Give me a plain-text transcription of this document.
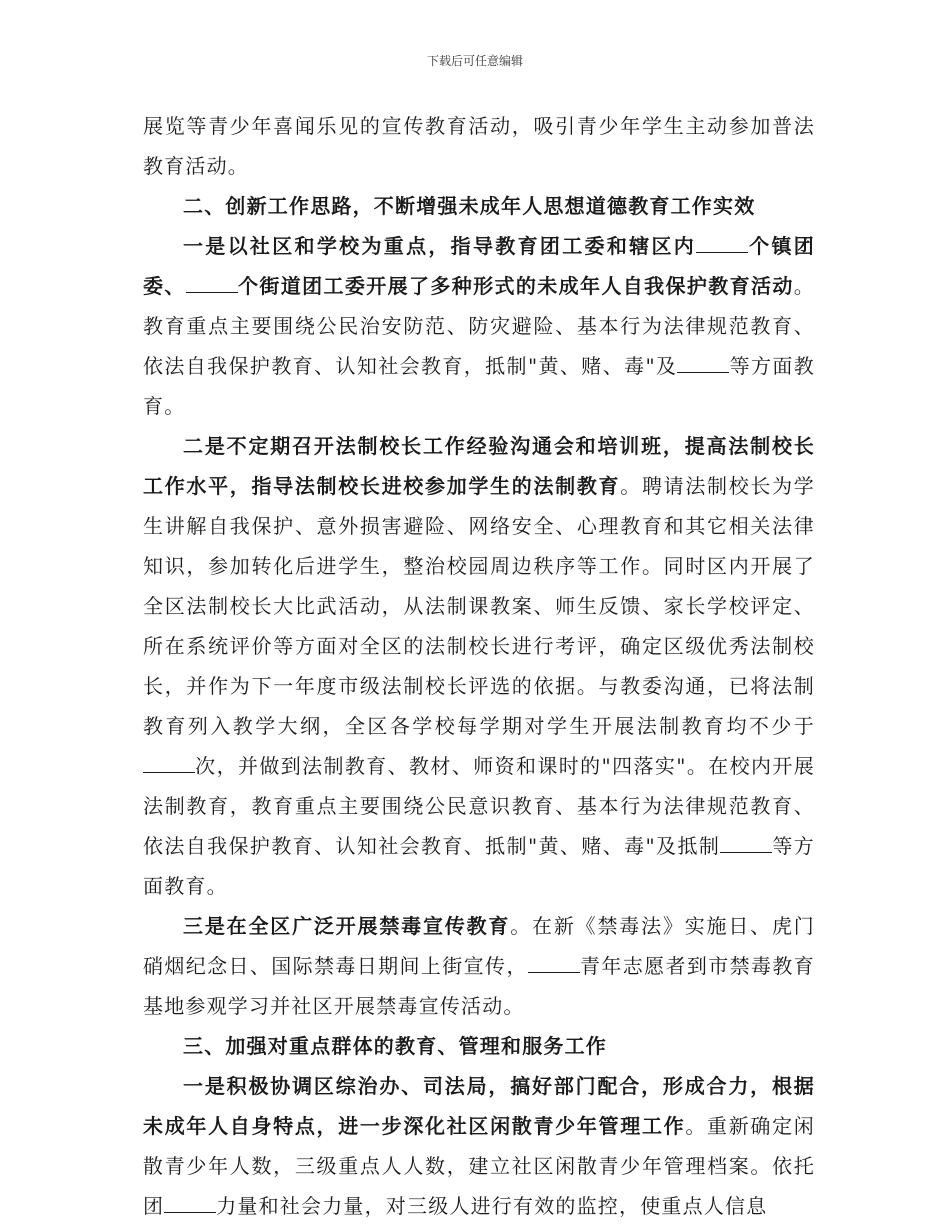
下载后可任意编辑

展览等青少年喜闻乐见的宣传教育活动，吸引青少年学生主动参加普法教育活动。

二、创新工作思路，不断增强未成年人思想道德教育工作实效

一是以社区和学校为重点，指导教育团工委和辖区内	个镇团委、	个街道团工委开展了多种形式的未成年人自我保护教育活动。教育重点主要围绕公民治安防范、防灾避险、基本行为法律规范教育、依法自我保护教育、认知社会教育，抵制"黄、赌、毒"及	等方面教育。

二是不定期召开法制校长工作经验沟通会和培训班，提高法制校长工作水平，指导法制校长进校参加学生的法制教育。聘请法制校长为学生讲解自我保护、意外损害避险、网络安全、心理教育和其它相关法律知识，参加转化后进学生，整治校园周边秩序等工作。同时区内开展了全区法制校长大比武活动，从法制课教案、师生反馈、家长学校评定、所在系统评价等方面对全区的法制校长进行考评，确定区级优秀法制校长，并作为下一年度市级法制校长评选的依据。与教委沟通，已将法制教育列入教学大纲，全区各学校每学期对学生开展法制教育均不少于次，并做到法制教育、教材、师资和课时的"四落实"。在校内开展法制教育，教育重点主要围绕公民意识教育、基本行为法律规范教育、依法自我保护教育、认知社会教育、抵制"黄、赌、毒"及抵制	等方面教育。

三是在全区广泛开展禁毒宣传教育。在新《禁毒法》实施日、虎门硝烟纪念日、国际禁毒日期间上街宣传，	青年志愿者到市禁毒教育基地参观学习并社区开展禁毒宣传活动。

三、加强对重点群体的教育、管理和服务工作

一是积极协调区综治办、司法局，搞好部门配合，形成合力，根据未成年人自身特点，进一步深化社区闲散青少年管理工作。重新确定闲散青少年人数，三级重点人人数，建立社区闲散青少年管理档案。依托团	力量和社会力量，对三级人进行有效的监控，使重点人信息
